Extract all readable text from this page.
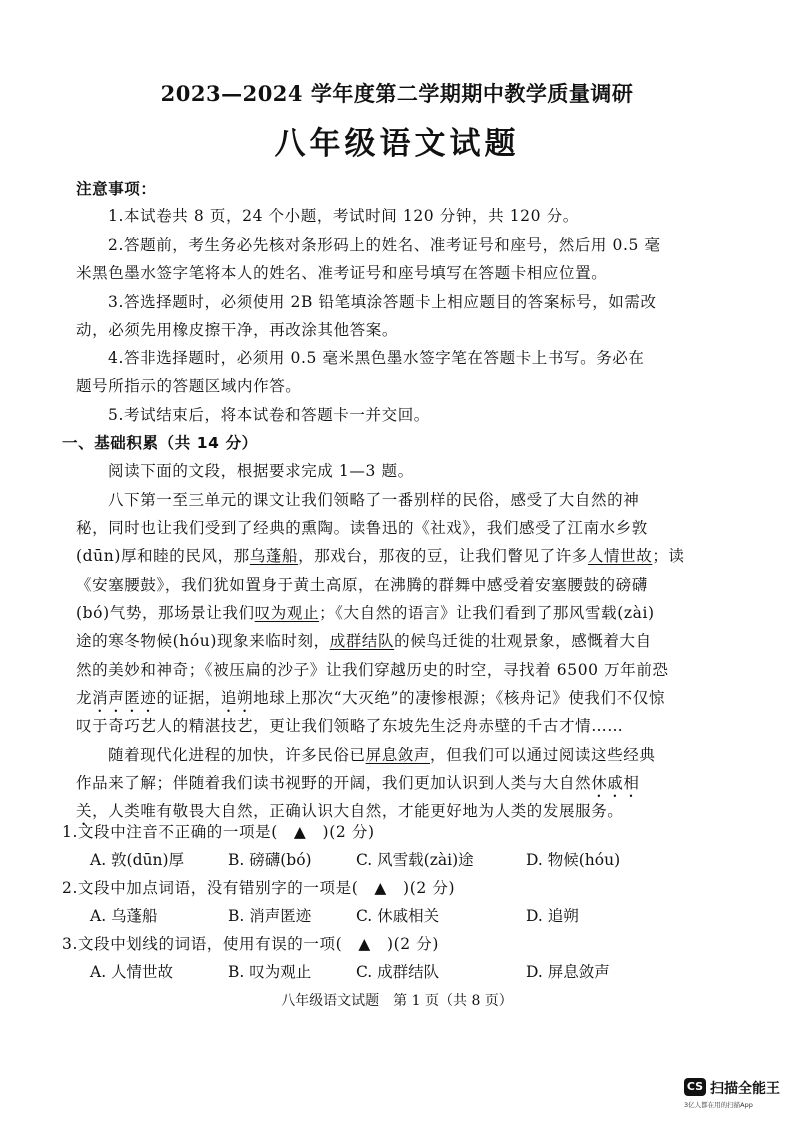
2023—2024 学年度第二学期期中教学质量调研
八年级语文试题
注意事项：
1.本试卷共 8 页，24 个小题，考试时间 120 分钟，共 120 分。
2.答题前，考生务必先核对条形码上的姓名、准考证号和座号，然后用 0.5 毫
米黑色墨水签字笔将本人的姓名、准考证号和座号填写在答题卡相应位置。
3.答选择题时，必须使用 2B 铅笔填涂答题卡上相应题目的答案标号，如需改
动，必须先用橡皮擦干净，再改涂其他答案。
4.答非选择题时，必须用 0.5 毫米黑色墨水签字笔在答题卡上书写。务必在
题号所指示的答题区域内作答。
5.考试结束后，将本试卷和答题卡一并交回。
一、基础积累（共 14 分）
阅读下面的文段，根据要求完成 1—3 题。
八下第一至三单元的课文让我们领略了一番别样的民俗，感受了大自然的神
秘，同时也让我们受到了经典的熏陶。读鲁迅的《社戏》，我们感受了江南水乡敦
(dūn)厚和睦的民风，那乌蓬船，那戏台，那夜的豆，让我们瞥见了许多人情世故；读
《安塞腰鼓》，我们犹如置身于黄土高原，在沸腾的群舞中感受着安塞腰鼓的磅礴
(bó)气势，那场景让我们叹为观止；《大自然的语言》让我们看到了那风雪载(zài)
途的寒冬物候(hóu)现象来临时刻，成群结队的候鸟迁徙的壮观景象，感慨着大自
然的美妙和神奇；《被压扁的沙子》让我们穿越历史的时空，寻找着 6500 万年前恐
龙消声匿迹的证据，追朔地球上那次“大灭绝”的凄惨根源；《核舟记》使我们不仅惊
叹于奇巧艺人的精湛技艺，更让我们领略了东坡先生泛舟赤壁的千古才情……
随着现代化进程的加快，许多民俗已屏息敛声，但我们可以通过阅读这些经典
作品来了解；伴随着我们读书视野的开阔，我们更加认识到人类与大自然休戚相
关，人类唯有敬畏大自然，正确认识大自然，才能更好地为人类的发展服务。
1.文段中注音不正确的一项是(　▲　)(2 分)
A. 敦(dūn)厚	B. 磅礴(bó)	C. 风雪载(zài)途	D. 物候(hóu)
2.文段中加点词语，没有错别字的一项是(　▲　)(2 分)
A. 乌蓬船	B. 消声匿迹	C. 休戚相关	D. 追朔
3.文段中划线的词语，使用有误的一项(　▲　)(2 分)
A. 人情世故	B. 叹为观止	C. 成群结队	D. 屏息敛声
八年级语文试题　第 1 页（共 8 页）
CS 扫描全能王
3亿人都在用的扫描App
